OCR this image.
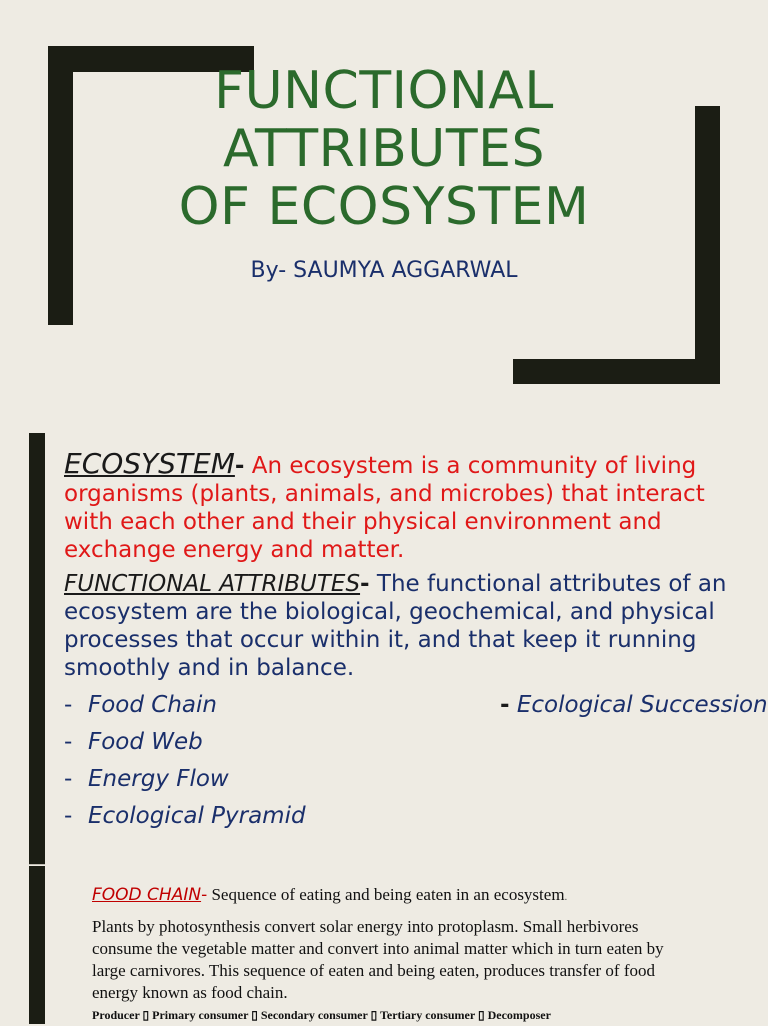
FUNCTIONAL
ATTRIBUTES
OF ECOSYSTEM
By- SAUMYA AGGARWAL

ECOSYSTEM- An ecosystem is a community of living organisms (plants, animals, and microbes) that interact with each other and their physical environment and exchange energy and matter.

FUNCTIONAL ATTRIBUTES- The functional attributes of an ecosystem are the biological, geochemical, and physical processes that occur within it, and that keep it running smoothly and in balance.

- Food Chain
- Food Web
- Energy Flow
- Ecological Pyramid
- Ecological Succession

FOOD CHAIN- Sequence of eating and being eaten in an ecosystem.

Plants by photosynthesis convert solar energy into protoplasm. Small herbivores consume the vegetable matter and convert into animal matter which in turn eaten by large carnivores. This sequence of eaten and being eaten, produces transfer of food energy known as food chain.

Producer ▯ Primary consumer ▯ Secondary consumer ▯ Tertiary consumer ▯ Decomposer
